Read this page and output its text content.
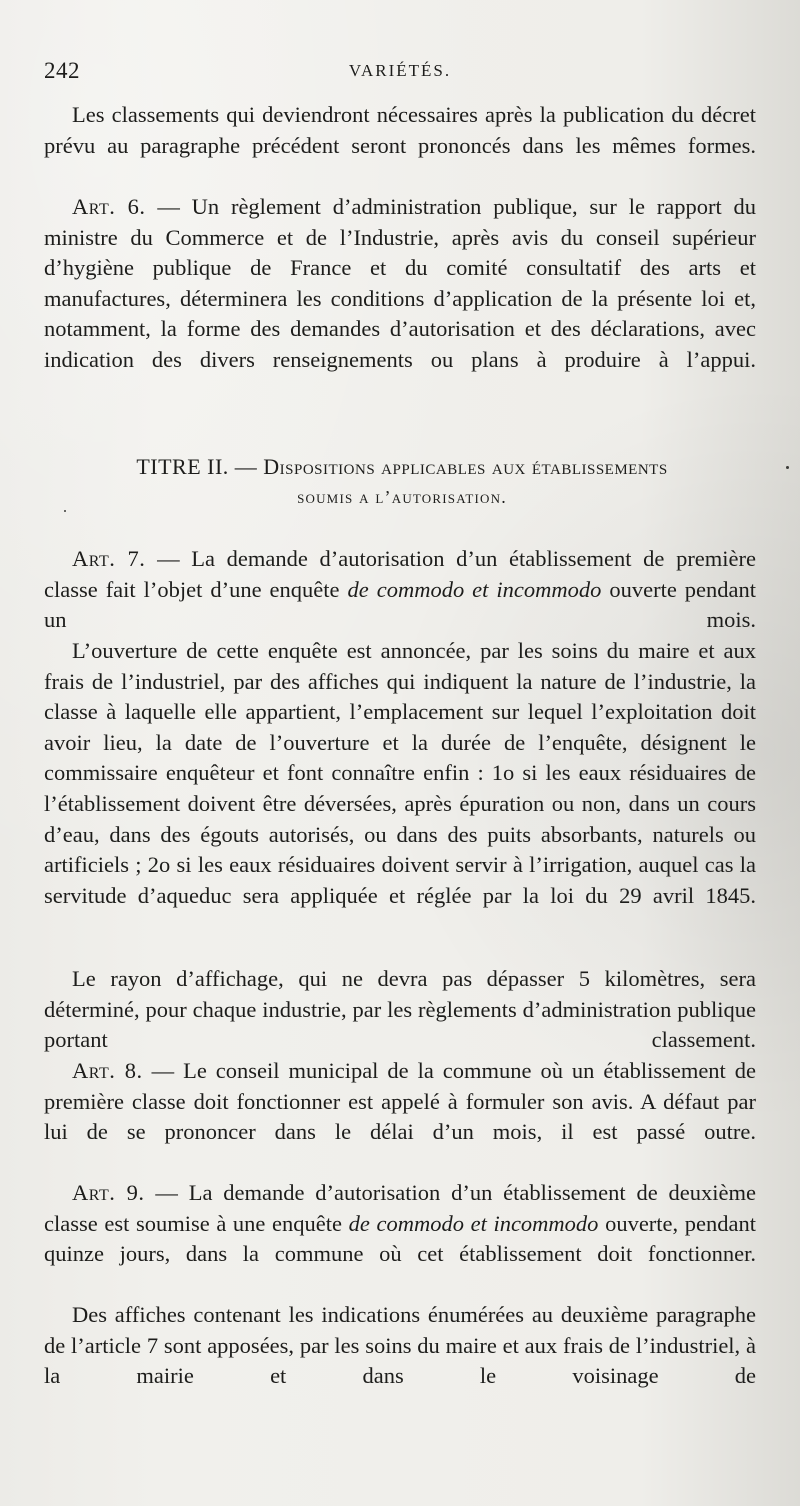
242	VARIÉTÉS.

Les classements qui deviendront nécessaires après la publication du décret prévu au paragraphe précédent seront prononcés dans les mêmes formes.

Art. 6. — Un règlement d’administration publique, sur le rapport du ministre du Commerce et de l’Industrie, après avis du conseil supérieur d’hygiène publique de France et du comité consultatif des arts et manufactures, déterminera les conditions d’application de la présente loi et, notamment, la forme des demandes d’autorisation et des déclarations, avec indication des divers renseignements ou plans à produire à l’appui.

TITRE II. — Dispositions applicables aux établissements
soumis a l’autorisation.

Art. 7. — La demande d’autorisation d’un établissement de première classe fait l’objet d’une enquête de commodo et incommodo ouverte pendant un mois.

L’ouverture de cette enquête est annoncée, par les soins du maire et aux frais de l’industriel, par des affiches qui indiquent la nature de l’industrie, la classe à laquelle elle appartient, l’emplacement sur lequel l’exploitation doit avoir lieu, la date de l’ouverture et la durée de l’enquête, désignent le commissaire enquêteur et font connaître enfin : 1o si les eaux résiduaires de l’établissement doivent être déversées, après épuration ou non, dans un cours d’eau, dans des égouts autorisés, ou dans des puits absorbants, naturels ou artificiels ; 2o si les eaux résiduaires doivent servir à l’irrigation, auquel cas la servitude d’aqueduc sera appliquée et réglée par la loi du 29 avril 1845.

Le rayon d’affichage, qui ne devra pas dépasser 5 kilomètres, sera déterminé, pour chaque industrie, par les règlements d’administration publique portant classement.

Art. 8. — Le conseil municipal de la commune où un établissement de première classe doit fonctionner est appelé à formuler son avis. A défaut par lui de se prononcer dans le délai d’un mois, il est passé outre.

Art. 9. — La demande d’autorisation d’un établissement de deuxième classe est soumise à une enquête de commodo et incommodo ouverte, pendant quinze jours, dans la commune où cet établissement doit fonctionner.

Des affiches contenant les indications énumérées au deuxième paragraphe de l’article 7 sont apposées, par les soins du maire et aux frais de l’industriel, à la mairie et dans le voisinage de
